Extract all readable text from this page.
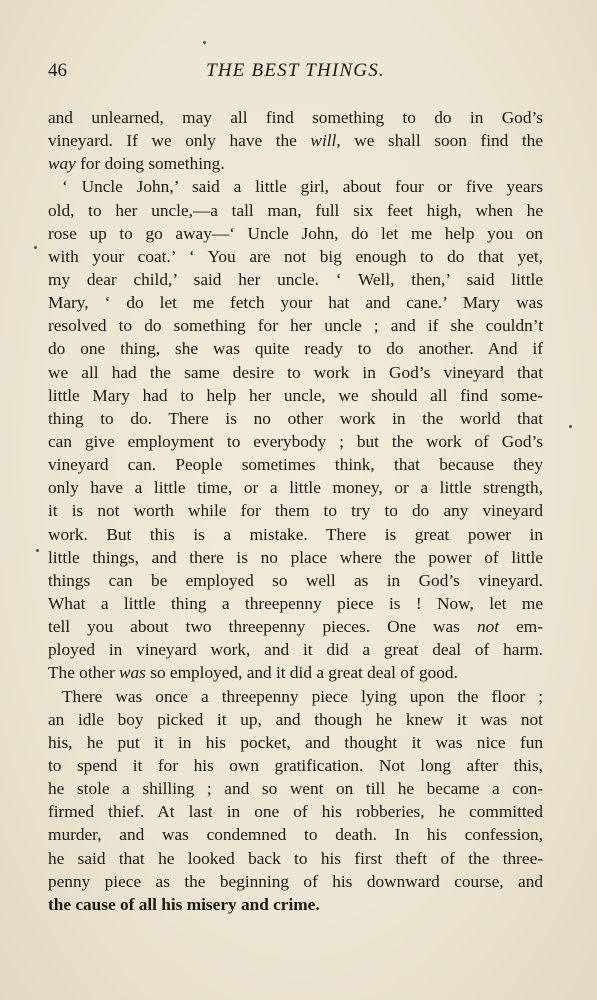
46	THE BEST THINGS.
and unlearned, may all find something to do in God’s
vineyard. If we only have the will, we shall soon find the
way for doing something.
‘ Uncle John,’ said a little girl, about four or five years
old, to her uncle,—a tall man, full six feet high, when he
rose up to go away—‘ Uncle John, do let me help you on
with your coat.’ ‘ You are not big enough to do that yet,
my dear child,’ said her uncle. ‘ Well, then,’ said little
Mary, ‘ do let me fetch your hat and cane.’ Mary was
resolved to do something for her uncle ; and if she couldn’t
do one thing, she was quite ready to do another. And if
we all had the same desire to work in God’s vineyard that
little Mary had to help her uncle, we should all find some-
thing to do. There is no other work in the world that
can give employment to everybody ; but the work of God’s
vineyard can. People sometimes think, that because they
only have a little time, or a little money, or a little strength,
it is not worth while for them to try to do any vineyard
work. But this is a mistake. There is great power in
little things, and there is no place where the power of little
things can be employed so well as in God’s vineyard.
What a little thing a threepenny piece is ! Now, let me
tell you about two threepenny pieces. One was not em-
ployed in vineyard work, and it did a great deal of harm.
The other was so employed, and it did a great deal of good.
There was once a threepenny piece lying upon the floor ;
an idle boy picked it up, and though he knew it was not
his, he put it in his pocket, and thought it was nice fun
to spend it for his own gratification. Not long after this,
he stole a shilling ; and so went on till he became a con-
firmed thief. At last in one of his robberies, he committed
murder, and was condemned to death. In his confession,
he said that he looked back to his first theft of the three-
penny piece as the beginning of his downward course, and
the cause of all his misery and crime.
